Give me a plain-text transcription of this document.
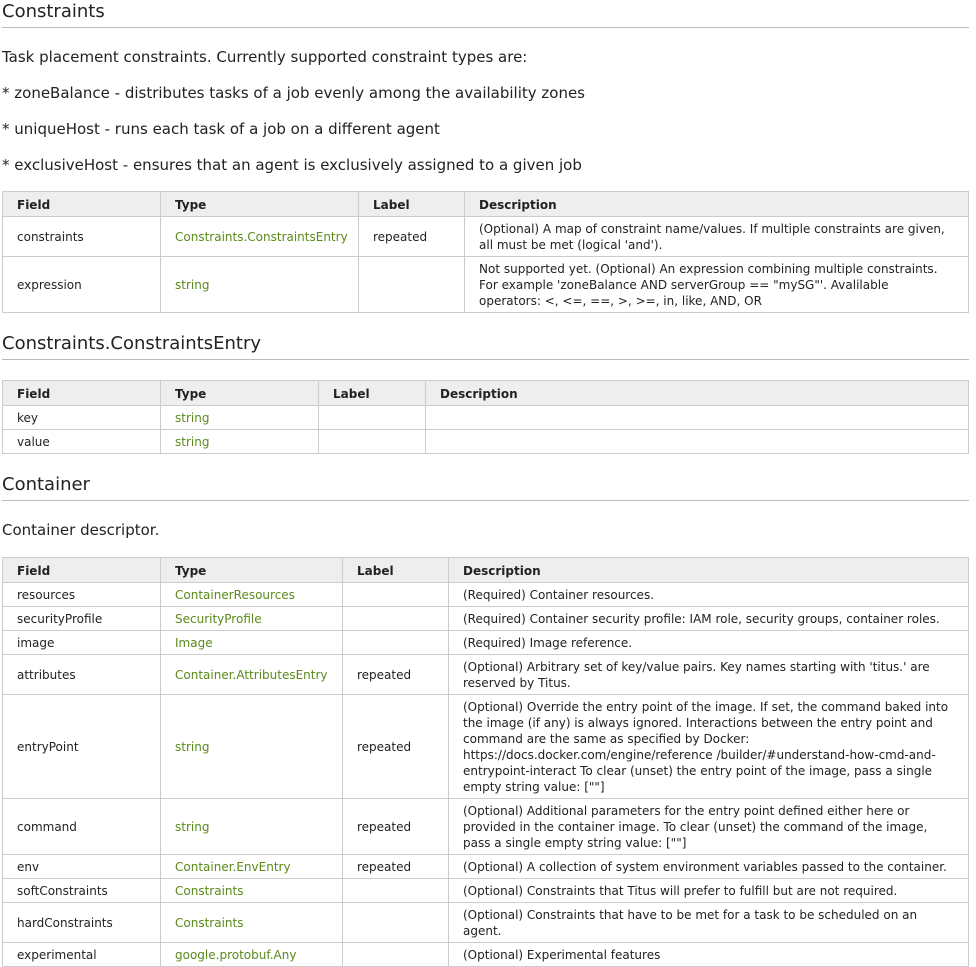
Constraints

Task placement constraints. Currently supported constraint types are:

* zoneBalance - distributes tasks of a job evenly among the availability zones

* uniqueHost - runs each task of a job on a different agent

* exclusiveHost - ensures that an agent is exclusively assigned to a given job

Field	Type	Label	Description
constraints	Constraints.ConstraintsEntry	repeated	(Optional) A map of constraint name/values. If multiple constraints are given, all must be met (logical 'and').
expression	string		Not supported yet. (Optional) An expression combining multiple constraints. For example 'zoneBalance AND serverGroup == "mySG"'. Avalilable operators: <, <=, ==, >, >=, in, like, AND, OR
Constraints.ConstraintsEntry
Field	Type	Label	Description
key	string		
value	string		
Container

Container descriptor.

Field	Type	Label	Description
resources	ContainerResources		(Required) Container resources.
securityProfile	SecurityProfile		(Required) Container security profile: IAM role, security groups, container roles.
image	Image		(Required) Image reference.
attributes	Container.AttributesEntry	repeated	(Optional) Arbitrary set of key/value pairs. Key names starting with 'titus.' are reserved by Titus.
entryPoint	string	repeated	(Optional) Override the entry point of the image. If set, the command baked into the image (if any) is always ignored. Interactions between the entry point and command are the same as specified by Docker: https://docs.docker.com/engine/reference /builder/#understand-how-cmd-and-entrypoint-interact To clear (unset) the entry point of the image, pass a single empty string value: [""]
command	string	repeated	(Optional) Additional parameters for the entry point defined either here or provided in the container image. To clear (unset) the command of the image, pass a single empty string value: [""]
env	Container.EnvEntry	repeated	(Optional) A collection of system environment variables passed to the container.
softConstraints	Constraints		(Optional) Constraints that Titus will prefer to fulfill but are not required.
hardConstraints	Constraints		(Optional) Constraints that have to be met for a task to be scheduled on an agent.
experimental	google.protobuf.Any		(Optional) Experimental features
